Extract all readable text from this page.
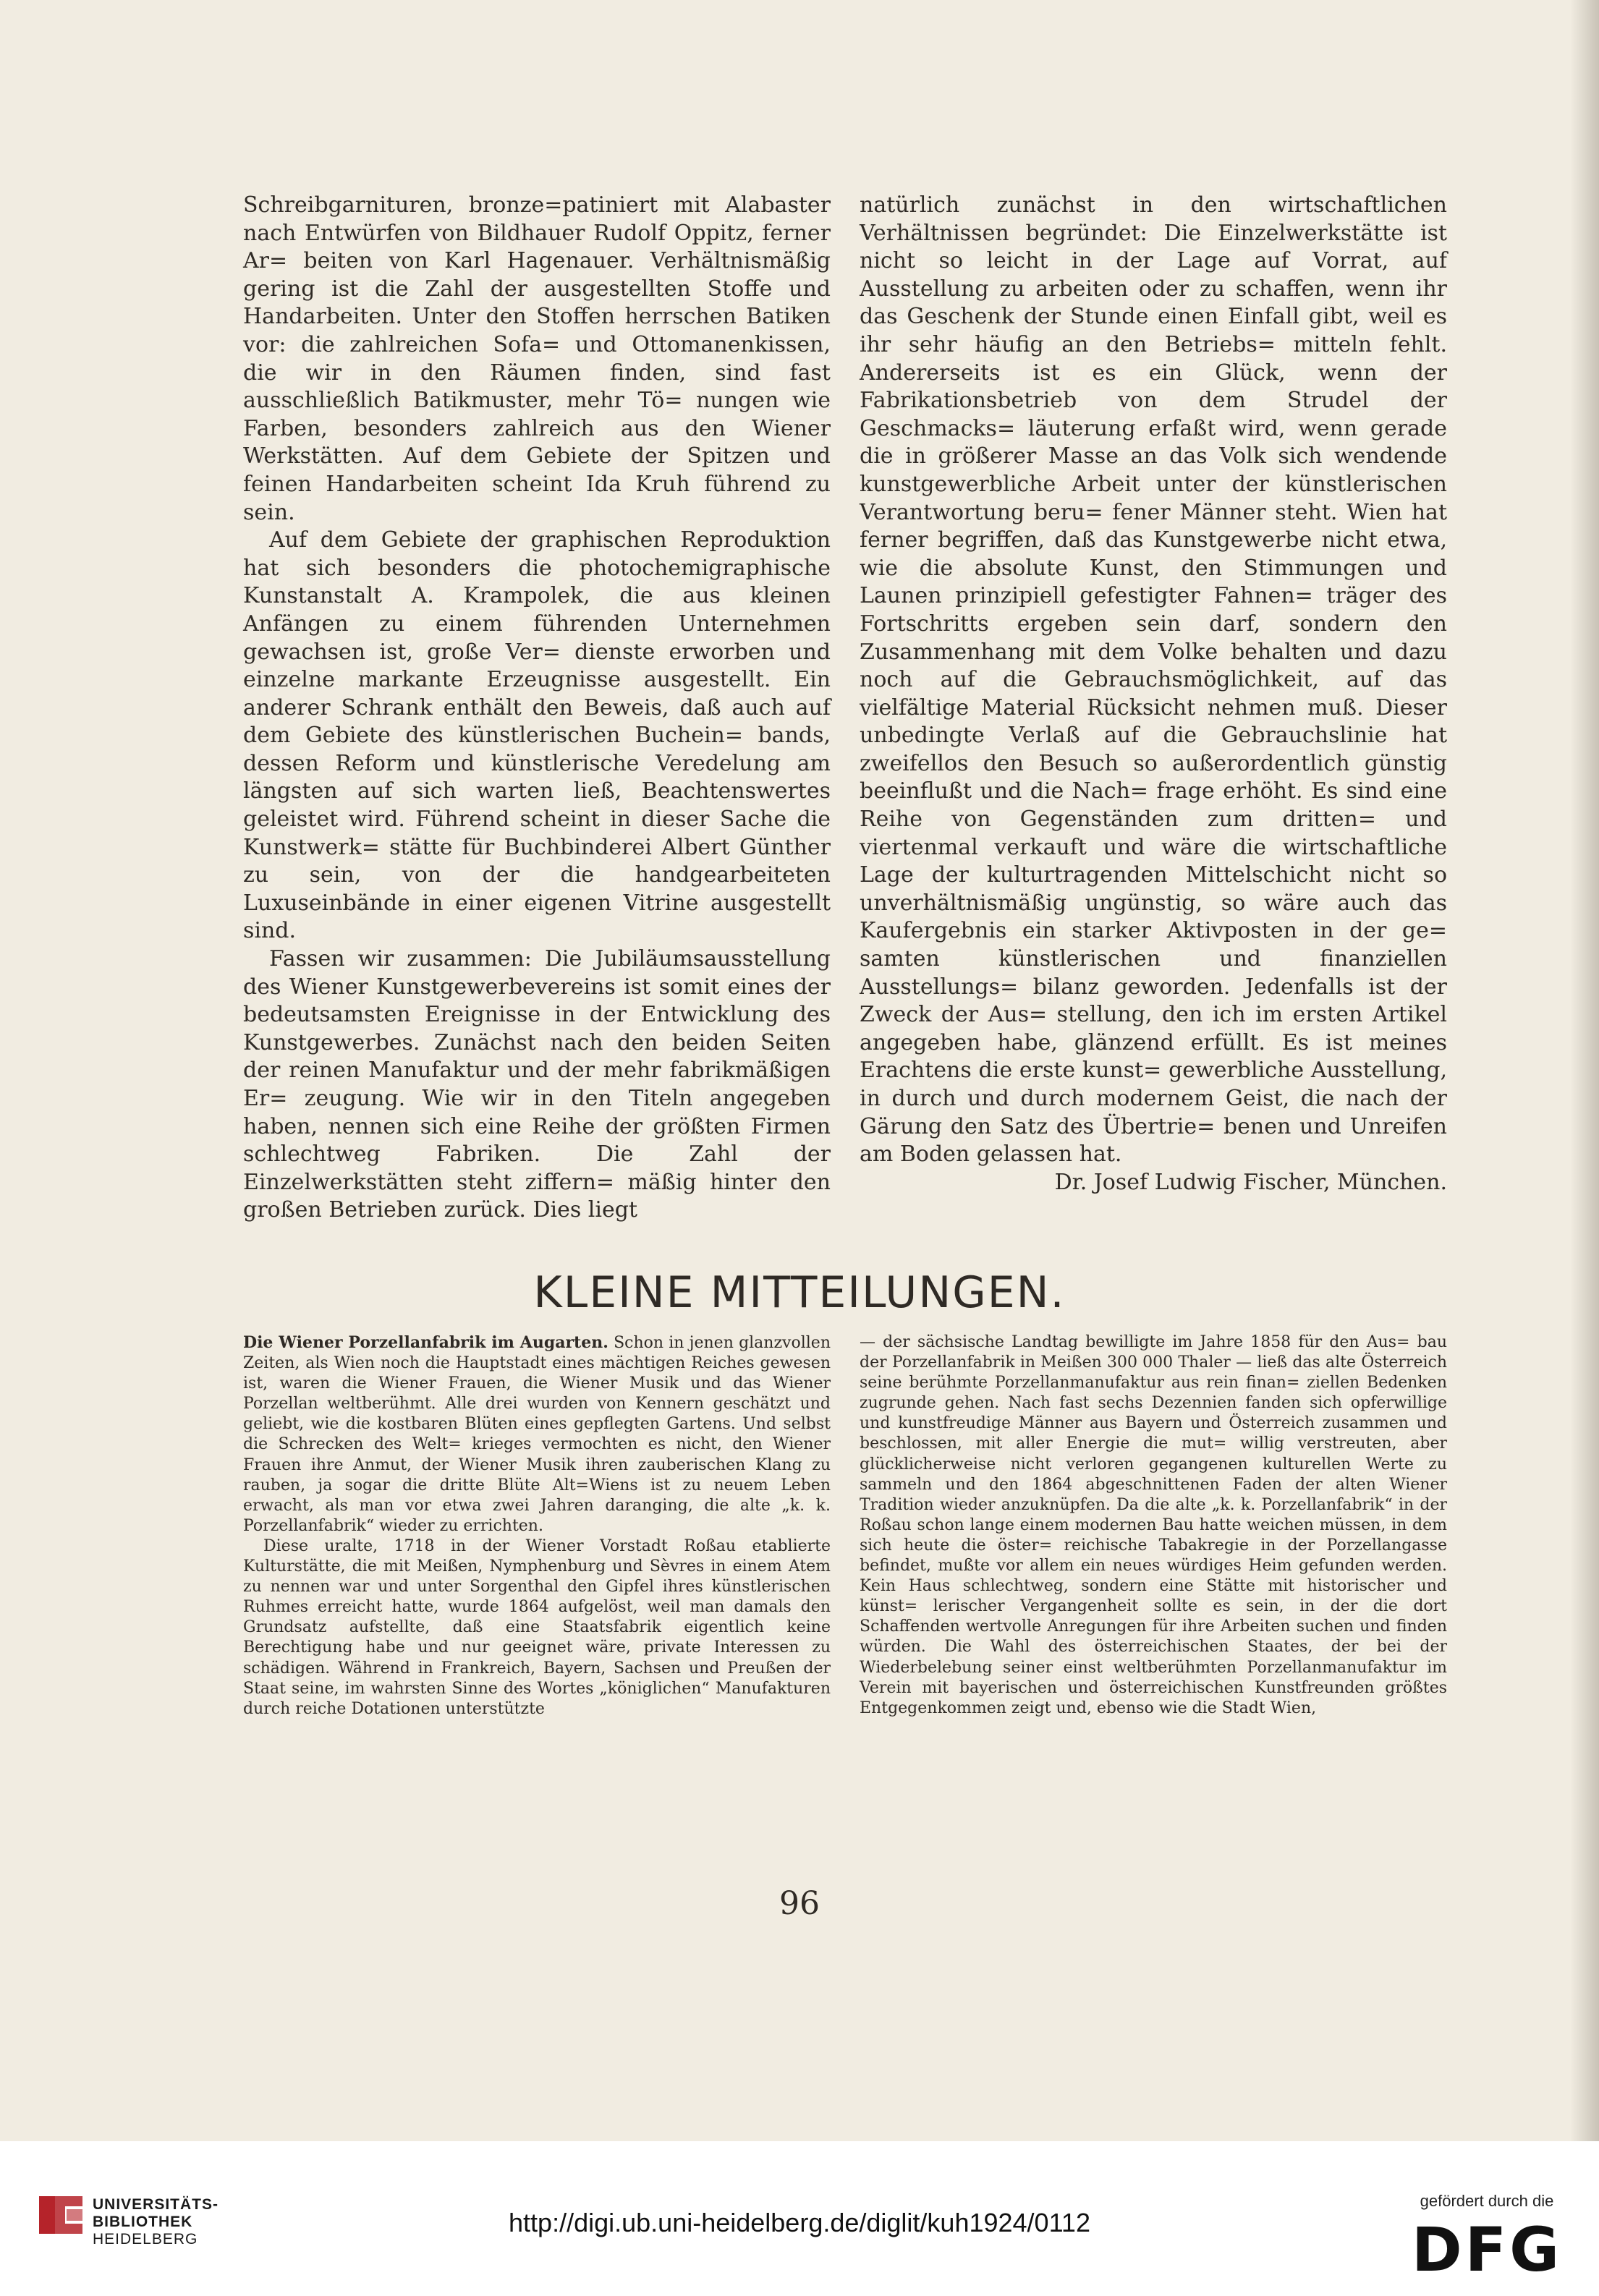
Schreibgarnituren, bronze=patiniert mit Alabaster nach Entwürfen von Bildhauer Rudolf Oppitz, ferner Ar= beiten von Karl Hagenauer. Verhältnismäßig gering ist die Zahl der ausgestellten Stoffe und Handarbeiten. Unter den Stoffen herrschen Batiken vor: die zahlreichen Sofa= und Ottomanenkissen, die wir in den Räumen finden, sind fast ausschließlich Batikmuster, mehr Tö= nungen wie Farben, besonders zahlreich aus den Wiener Werkstätten. Auf dem Gebiete der Spitzen und feinen Handarbeiten scheint Ida Kruh führend zu sein.

Auf dem Gebiete der graphischen Reproduktion hat sich besonders die photochemigraphische Kunstanstalt A. Krampolek, die aus kleinen Anfängen zu einem führenden Unternehmen gewachsen ist, große Ver= dienste erworben und einzelne markante Erzeugnisse ausgestellt. Ein anderer Schrank enthält den Beweis, daß auch auf dem Gebiete des künstlerischen Buchein= bands, dessen Reform und künstlerische Veredelung am längsten auf sich warten ließ, Beachtenswertes geleistet wird. Führend scheint in dieser Sache die Kunstwerk= stätte für Buchbinderei Albert Günther zu sein, von der die handgearbeiteten Luxuseinbände in einer eigenen Vitrine ausgestellt sind.

Fassen wir zusammen: Die Jubiläumsausstellung des Wiener Kunstgewerbevereins ist somit eines der bedeutsamsten Ereignisse in der Entwicklung des Kunstgewerbes. Zunächst nach den beiden Seiten der reinen Manufaktur und der mehr fabrikmäßigen Er= zeugung. Wie wir in den Titeln angegeben haben, nennen sich eine Reihe der größten Firmen schlechtweg Fabriken. Die Zahl der Einzelwerkstätten steht ziffern= mäßig hinter den großen Betrieben zurück. Dies liegt

natürlich zunächst in den wirtschaftlichen Verhältnissen begründet: Die Einzelwerkstätte ist nicht so leicht in der Lage auf Vorrat, auf Ausstellung zu arbeiten oder zu schaffen, wenn ihr das Geschenk der Stunde einen Einfall gibt, weil es ihr sehr häufig an den Betriebs= mitteln fehlt. Andererseits ist es ein Glück, wenn der Fabrikationsbetrieb von dem Strudel der Geschmacks= läuterung erfaßt wird, wenn gerade die in größerer Masse an das Volk sich wendende kunstgewerbliche Arbeit unter der künstlerischen Verantwortung beru= fener Männer steht. Wien hat ferner begriffen, daß das Kunstgewerbe nicht etwa, wie die absolute Kunst, den Stimmungen und Launen prinzipiell gefestigter Fahnen= träger des Fortschritts ergeben sein darf, sondern den Zusammenhang mit dem Volke behalten und dazu noch auf die Gebrauchsmöglichkeit, auf das vielfältige Material Rücksicht nehmen muß. Dieser unbedingte Verlaß auf die Gebrauchslinie hat zweifellos den Besuch so außerordentlich günstig beeinflußt und die Nach= frage erhöht. Es sind eine Reihe von Gegenständen zum dritten= und viertenmal verkauft und wäre die wirtschaftliche Lage der kulturtragenden Mittelschicht nicht so unverhältnismäßig ungünstig, so wäre auch das Kaufergebnis ein starker Aktivposten in der ge= samten künstlerischen und finanziellen Ausstellungs= bilanz geworden. Jedenfalls ist der Zweck der Aus= stellung, den ich im ersten Artikel angegeben habe, glänzend erfüllt. Es ist meines Erachtens die erste kunst= gewerbliche Ausstellung, in durch und durch modernem Geist, die nach der Gärung den Satz des Übertrie= benen und Unreifen am Boden gelassen hat.

Dr. Josef Ludwig Fischer, München.

KLEINE MITTEILUNGEN.

Die Wiener Porzellanfabrik im Augarten. Schon in jenen glanzvollen Zeiten, als Wien noch die Hauptstadt eines mächtigen Reiches gewesen ist, waren die Wiener Frauen, die Wiener Musik und das Wiener Porzellan weltberühmt. Alle drei wurden von Kennern geschätzt und geliebt, wie die kostbaren Blüten eines gepflegten Gartens. Und selbst die Schrecken des Welt= krieges vermochten es nicht, den Wiener Frauen ihre Anmut, der Wiener Musik ihren zauberischen Klang zu rauben, ja sogar die dritte Blüte Alt=Wiens ist zu neuem Leben erwacht, als man vor etwa zwei Jahren daranging, die alte „k. k. Porzellanfabrik“ wieder zu errichten.

Diese uralte, 1718 in der Wiener Vorstadt Roßau etablierte Kulturstätte, die mit Meißen, Nymphenburg und Sèvres in einem Atem zu nennen war und unter Sorgenthal den Gipfel ihres künstlerischen Ruhmes erreicht hatte, wurde 1864 aufgelöst, weil man damals den Grundsatz aufstellte, daß eine Staatsfabrik eigentlich keine Berechtigung habe und nur geeignet wäre, private Interessen zu schädigen. Während in Frankreich, Bayern, Sachsen und Preußen der Staat seine, im wahrsten Sinne des Wortes „königlichen“ Manufakturen durch reiche Dotationen unterstützte

— der sächsische Landtag bewilligte im Jahre 1858 für den Aus= bau der Porzellanfabrik in Meißen 300 000 Thaler — ließ das alte Österreich seine berühmte Porzellanmanufaktur aus rein finan= ziellen Bedenken zugrunde gehen. Nach fast sechs Dezennien fanden sich opferwillige und kunstfreudige Männer aus Bayern und Österreich zusammen und beschlossen, mit aller Energie die mut= willig verstreuten, aber glücklicherweise nicht verloren gegangenen kulturellen Werte zu sammeln und den 1864 abgeschnittenen Faden der alten Wiener Tradition wieder anzuknüpfen. Da die alte „k. k. Porzellanfabrik“ in der Roßau schon lange einem modernen Bau hatte weichen müssen, in dem sich heute die öster= reichische Tabakregie in der Porzellangasse befindet, mußte vor allem ein neues würdiges Heim gefunden werden. Kein Haus schlechtweg, sondern eine Stätte mit historischer und künst= lerischer Vergangenheit sollte es sein, in der die dort Schaffenden wertvolle Anregungen für ihre Arbeiten suchen und finden würden. Die Wahl des österreichischen Staates, der bei der Wiederbelebung seiner einst weltberühmten Porzellanmanufaktur im Verein mit bayerischen und österreichischen Kunstfreunden größtes Entgegenkommen zeigt und, ebenso wie die Stadt Wien,

96
UNIVERSITÄTS-
BIBLIOTHEK
HEIDELBERG
http://digi.ub.uni-heidelberg.de/diglit/kuh1924/0112
gefördert durch die
DFG
